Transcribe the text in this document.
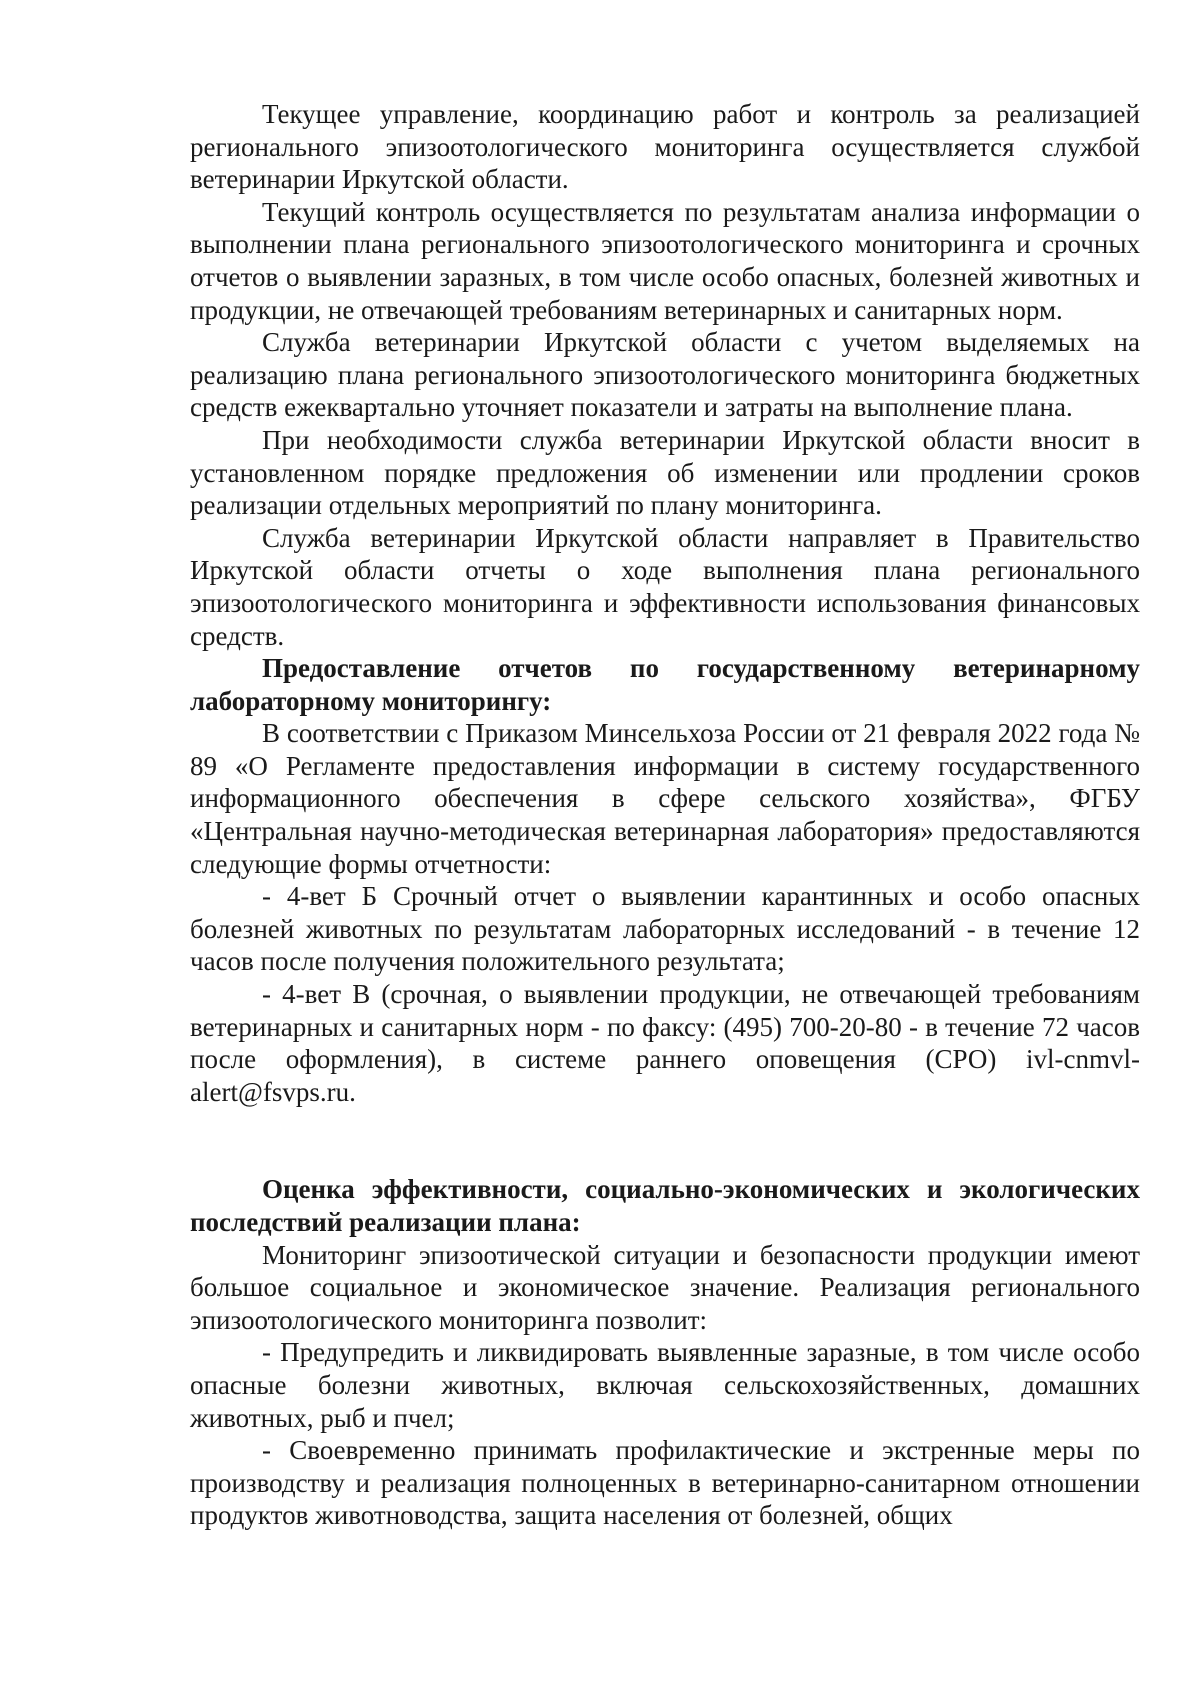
Текущее управление, координацию работ и контроль за реализацией регионального эпизоотологического мониторинга осуществляется службой ветеринарии Иркутской области.

Текущий контроль осуществляется по результатам анализа информации о выполнении плана регионального эпизоотологического мониторинга и срочных отчетов о выявлении заразных, в том числе особо опасных, болезней животных и продукции, не отвечающей требованиям ветеринарных и санитарных норм.

Служба ветеринарии Иркутской области с учетом выделяемых на реализацию плана регионального эпизоотологического мониторинга бюджетных средств ежеквартально уточняет показатели и затраты на выполнение плана.

При необходимости служба ветеринарии Иркутской области вносит в установленном порядке предложения об изменении или продлении сроков реализации отдельных мероприятий по плану мониторинга.

Служба ветеринарии Иркутской области направляет в Правительство Иркутской области отчеты о ходе выполнения плана регионального эпизоотологического мониторинга и эффективности использования финансовых средств.

Предоставление отчетов по государственному ветеринарному лабораторному мониторингу:

В соответствии с Приказом Минсельхоза России от 21 февраля 2022 года № 89 «О Регламенте предоставления информации в систему государственного информационного обеспечения в сфере сельского хозяйства», ФГБУ «Центральная научно-методическая ветеринарная лаборатория» предоставляются следующие формы отчетности:

- 4-вет Б Срочный отчет о выявлении карантинных и особо опасных болезней животных по результатам лабораторных исследований - в течение 12 часов после получения положительного результата;

- 4-вет В (срочная, о выявлении продукции, не отвечающей требованиям ветеринарных и санитарных норм - по факсу: (495) 700-20-80 - в течение 72 часов после оформления), в системе раннего оповещения (СРО) ivl-cnmvl-alert@fsvps.ru.

Оценка эффективности, социально-экономических и экологических последствий реализации плана:

Мониторинг эпизоотической ситуации и безопасности продукции имеют большое социальное и экономическое значение. Реализация регионального эпизоотологического мониторинга позволит:

- Предупредить и ликвидировать выявленные заразные, в том числе особо опасные болезни животных, включая сельскохозяйственных, домашних животных, рыб и пчел;

- Своевременно принимать профилактические и экстренные меры по производству и реализация полноценных в ветеринарно-санитарном отношении продуктов животноводства, защита населения от болезней, общих
